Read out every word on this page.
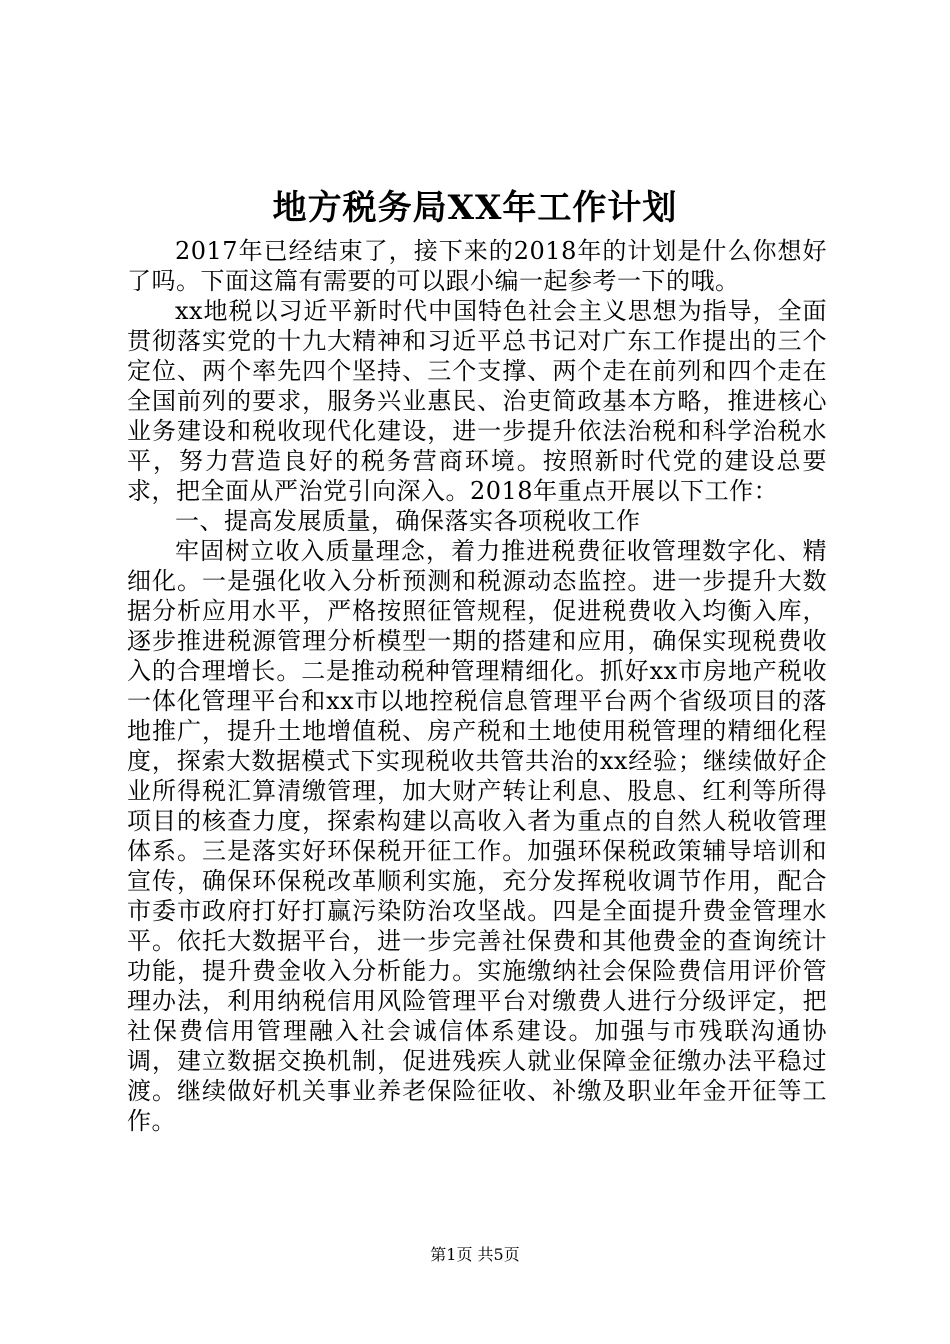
地方税务局XX年工作计划

2017年已经结束了，接下来的2018年的计划是什么你想好了吗。下面这篇有需要的可以跟小编一起参考一下的哦。

xx地税以习近平新时代中国特色社会主义思想为指导，全面贯彻落实党的十九大精神和习近平总书记对广东工作提出的三个定位、两个率先四个坚持、三个支撑、两个走在前列和四个走在全国前列的要求，服务兴业惠民、治吏简政基本方略，推进核心业务建设和税收现代化建设，进一步提升依法治税和科学治税水平，努力营造良好的税务营商环境。按照新时代党的建设总要求，把全面从严治党引向深入。2018年重点开展以下工作：

一、提高发展质量，确保落实各项税收工作

牢固树立收入质量理念，着力推进税费征收管理数字化、精细化。一是强化收入分析预测和税源动态监控。进一步提升大数据分析应用水平，严格按照征管规程，促进税费收入均衡入库，逐步推进税源管理分析模型一期的搭建和应用，确保实现税费收入的合理增长。二是推动税种管理精细化。抓好xx市房地产税收一体化管理平台和xx市以地控税信息管理平台两个省级项目的落地推广，提升土地增值税、房产税和土地使用税管理的精细化程度，探索大数据模式下实现税收共管共治的xx经验；继续做好企业所得税汇算清缴管理，加大财产转让利息、股息、红利等所得项目的核查力度，探索构建以高收入者为重点的自然人税收管理体系。三是落实好环保税开征工作。加强环保税政策辅导培训和宣传，确保环保税改革顺利实施，充分发挥税收调节作用，配合市委市政府打好打赢污染防治攻坚战。四是全面提升费金管理水平。依托大数据平台，进一步完善社保费和其他费金的查询统计功能，提升费金收入分析能力。实施缴纳社会保险费信用评价管理办法，利用纳税信用风险管理平台对缴费人进行分级评定，把社保费信用管理融入社会诚信体系建设。加强与市残联沟通协调，建立数据交换机制，促进残疾人就业保障金征缴办法平稳过渡。继续做好机关事业养老保险征收、补缴及职业年金开征等工作。

第1页 共5页
